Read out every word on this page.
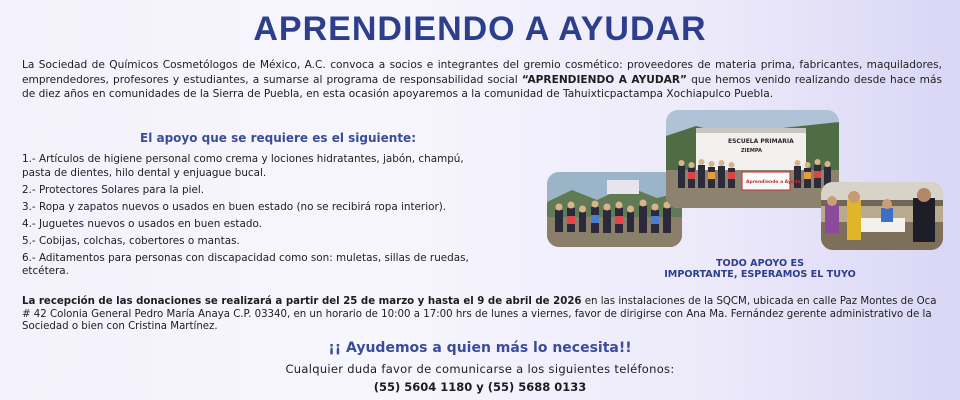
APRENDIENDO A AYUDAR

La Sociedad de Químicos Cosmetólogos de México, A.C. convoca a socios e integrantes del gremio cosmético: proveedores de materia prima, fabricantes, maquiladores, emprendedores, profesores y estudiantes, a sumarse al programa de responsabilidad social “APRENDIENDO A AYUDAR” que hemos venido realizando desde hace más de diez años en comunidades de la Sierra de Puebla, en esta ocasión apoyaremos a la comunidad de Tahuixticpactampa Xochiapulco Puebla.

El apoyo que se requiere es el siguiente:
1.- Artículos de higiene personal como crema y lociones hidratantes, jabón, champú, pasta de dientes, hilo dental y enjuague bucal.
2.- Protectores Solares para la piel.
3.- Ropa y zapatos nuevos o usados en buen estado (no se recibirá ropa interior).
4.- Juguetes nuevos o usados en buen estado.
5.- Cobijas, colchas, cobertores o mantas.
6.- Aditamentos para personas con discapacidad como son: muletas, sillas de ruedas, etcétera.
ESCUELA PRIMARIA
ZIEMPA
Aprendiendo a Ayudar
TODO APOYO ES
IMPORTANTE, ESPERAMOS EL TUYO

La recepción de las donaciones se realizará a partir del 25 de marzo y hasta el 9 de abril de 2026 en las instalaciones de la SQCM, ubicada en calle Paz Montes de Oca # 42 Colonia General Pedro María Anaya C.P. 03340, en un horario de 10:00 a 17:00 hrs de lunes a viernes, favor de dirigirse con Ana Ma. Fernández gerente administrativo de la Sociedad o bien con Cristina Martínez.

¡¡ Ayudemos a quien más lo necesita!!
Cualquier duda favor de comunicarse a los siguientes teléfonos:
(55) 5604 1180 y (55) 5688 0133
